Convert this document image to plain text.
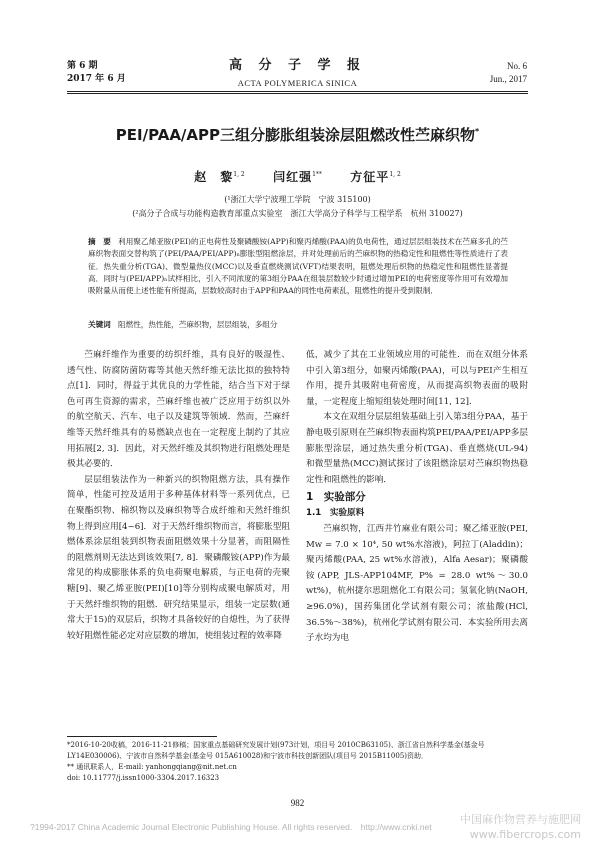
第 6 期
2017 年 6 月
高 分 子 学 报
ACTA POLYMERICA SINICA
No. 6
Jun., 2017
PEI/PAA/APP三组分膨胀组装涂层阻燃改性苎麻织物*
赵　黎$^{1, 2}$ 闫红强$^{1**}$ 方征平$^{1, 2}$
(¹浙江大学宁波理工学院　宁波 315100)
(²高分子合成与功能构造教育部重点实验室　浙江大学高分子科学与工程学系　杭州 310027)
摘　要 利用聚乙烯亚胺(PEI)的正电荷性及聚磷酸铵(APP)和聚丙烯酸(PAA)的负电荷性，通过层层组装技术在苎麻多孔的苎麻织物表面交替构筑了(PEI/PAA/PEI/APP)ₙ膨胀型阻燃涂层，并对处理前后的苎麻织物的热稳定性和阻燃性等性质进行了表征．热失重分析(TGA)、微型量热仪(MCC)以及垂直燃烧测试(VFT)结果表明，阻燃处理后织物的热稳定性和阻燃性显著提高．同时与(PEI/APP)ₙ试样相比，引入不同浓度的第3组分PAA在组装层数较少时通过增加PEI的电荷密度等作用可有效增加吸附量从而使上述性能有所提高，层数较高时由于APP和PAA的同性电荷素乱，阻燃性的提升受到限制．
关键词 阻燃性，热性能，苎麻织物，层层组装，多组分

苎麻纤维作为重要的纺织纤维，具有良好的吸湿性、透气性、防腐防菌防霉等其他天然纤维无法比拟的独特特点[1]．同时，得益于其优良的力学性能，结合当下对于绿色可再生资源的需求，苎麻纤维也被广泛应用于纺织以外的航空航天、汽车、电子以及建筑等领域．然而，苎麻纤维等天然纤维具有的易燃缺点也在一定程度上制约了其应用拓展[2, 3]．因此，对天然纤维及其织物进行阻燃处理是极其必要的．

层层组装法作为一种新兴的织物阻燃方法，具有操作简单，性能可控及适用于多种基体材料等一系列优点，已在聚酯织物、棉织物以及麻织物等合成纤维和天然纤维织物上得到应用[4~6]．对于天然纤维织物而言，将膨胀型阻燃体系涂层组装到织物表面阻燃效果十分显著，而阻隔性的阻燃剂则无法达到该效果[7, 8]．聚磷酸铵(APP)作为最常见的构成膨胀体系的负电荷聚电解质，与正电荷的壳聚糖[9]、聚乙烯亚胺(PEI)[10]等分别构成聚电解质对，用于天然纤维织物的阻燃．研究结果显示，组装一定层数(通常大于15)的双层后，织物才具备较好的自熄性，为了获得较好阻燃性能必定对应层数的增加，使组装过程的效率降

低，减少了其在工业领域应用的可能性．而在双组分体系中引入第3组分，如聚丙烯酸(PAA)，可以与PEI产生相互作用，提升其吸附电荷密度，从而提高织物表面的吸附量，一定程度上缩短组装处理时间[11, 12]．

本文在双组分层层组装基础上引入第3组分PAA，基于静电吸引原则在苎麻织物表面构筑PEI/PAA/PEI/APP多层膨胀型涂层，通过热失重分析(TGA)、垂直燃烧(UL-94)和微型量热(MCC)测试探讨了该阻燃涂层对苎麻织物热稳定性和阻燃性的影响．

1　实验部分

1.1　实验原料

苎麻织物，江西井竹麻业有限公司；聚乙烯亚胺(PEI, Mw = 7.0 × 10⁴, 50 wt%水溶液)，阿拉丁(Aladdin)；聚丙烯酸(PAA, 25 wt%水溶液)，Alfa Aesar)；聚磷酸铵(APP, JLS-APP104MF, P% = 28.0 wt%～30.0 wt%)，杭州捷尔思阻燃化工有限公司；氢氧化钠(NaOH, ≥96.0%)，国药集团化学试剂有限公司；浓盐酸(HCl, 36.5%～38%)，杭州化学试剂有限公司．本实验所用去离子水均为电

*2016-10-20收稿，2016-11-21修稿；国家重点基础研究发展计划(973计划，项目号 2010CB63105)、浙江省自然科学基金(基金号 LY14E030006)、宁波市自然科学基金(基金号 015A610028)和宁波市科技创新团队(项目号 2015B11005)资助．
** 通讯联系人，E-mail: yanhongqiang@nit.net.cn
doi: 10.11777/j.issn1000-3304.2017.16323
982
?1994-2017 China Academic Journal Electronic Publishing House. All rights reserved.　http://www.cnki.net
中国麻作物营养与施肥网
www.fibercrops.com
